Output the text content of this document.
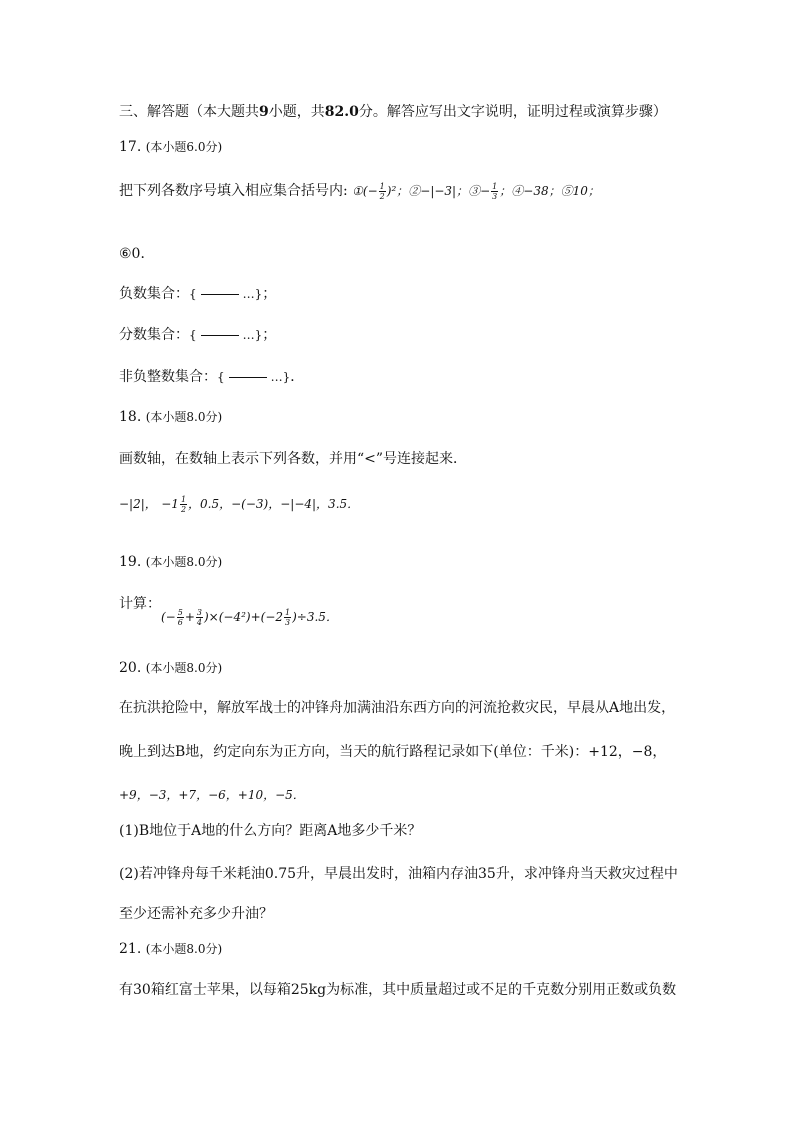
三、解答题（本大题共9小题，共82.0分。解答应写出文字说明，证明过程或演算步骤）
17. (本小题6.0分)
把下列各数序号填入相应集合括号内: ①(− $\frac{1}{2} )^2$；②−|−3|；③− $\frac{1}{3}$ ；④−38；⑤10；
⑥0．
负数集合：{	…}；
分数集合：{	…}；
非负整数集合：{	…}．
18. (本小题8.0分)
画数轴，在数轴上表示下列各数，并用“<”号连接起来．
−|2|， $-1 \frac{1}{2}$ ，0.5，−(−3)，−|−4|，3.5．
19. (本小题8.0分)
计算：
(− $\frac{5}{6} + \frac{3}{4} )\times(-4^2)+(-2 \frac{1}{3} )\div 3.5$．
20. (本小题8.0分)
在抗洪抢险中，解放军战士的冲锋舟加满油沿东西方向的河流抢救灾民，早晨从A地出发，
晚上到达B地，约定向东为正方向，当天的航行路程记录如下(单位：千米)：+12，−8，
+9，−3，+7，−6，+10，−5．
(1)B地位于A地的什么方向？距离A地多少千米？
(2)若冲锋舟每千米耗油0.75升，早晨出发时，油箱内存油35升，求冲锋舟当天救灾过程中
至少还需补充多少升油？
21. (本小题8.0分)
有30箱红富士苹果，以每箱25kg为标准，其中质量超过或不足的千克数分别用正数或负数
